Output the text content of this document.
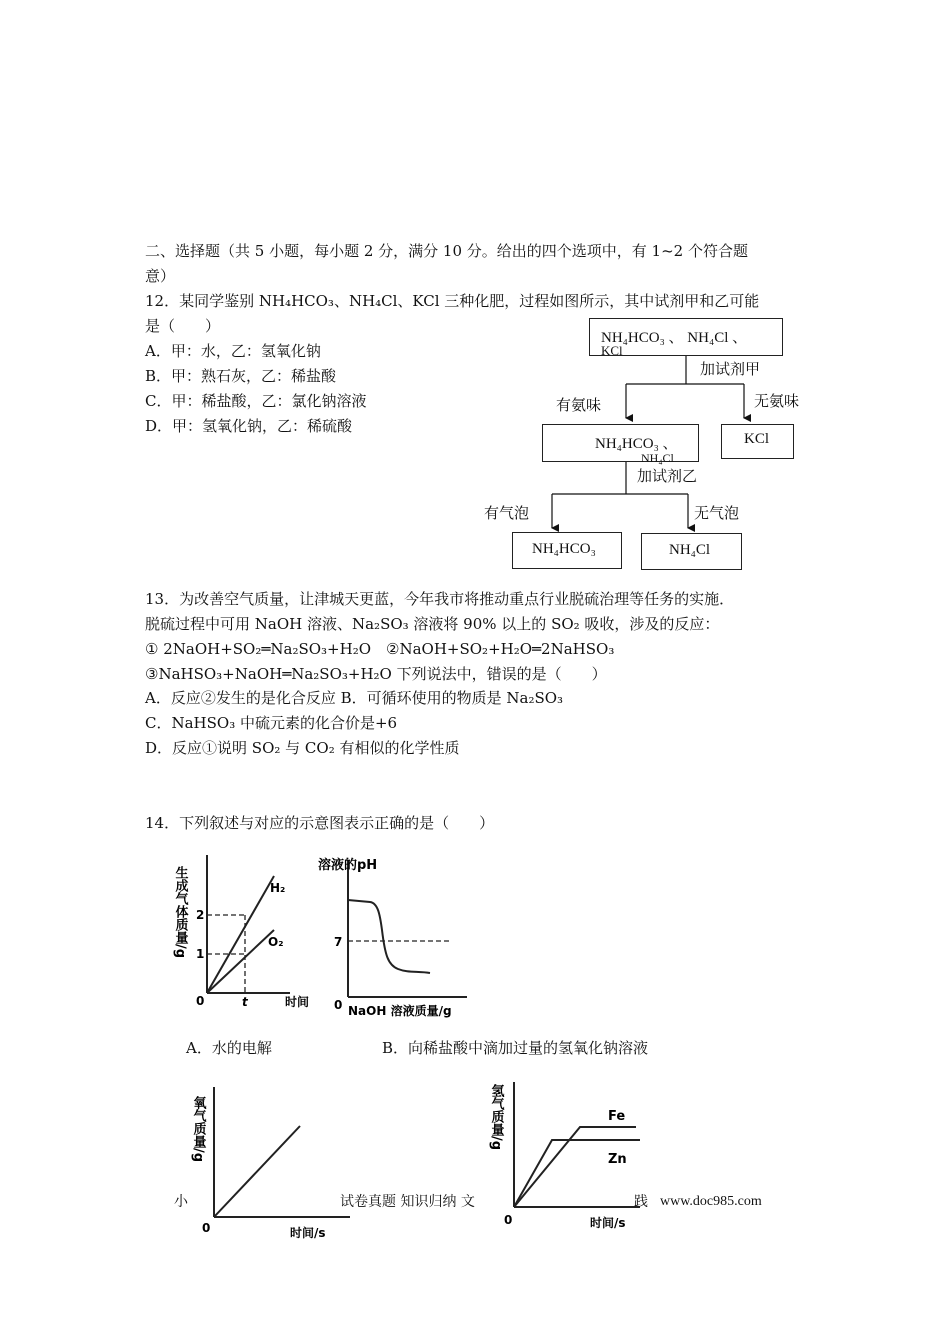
二、选择题（共 5 小题，每小题 2 分，满分 10 分。给出的四个选项中，有 1~2 个符合题
意）
12．某同学鉴别 NH₄HCO₃、NH₄Cl、KCl 三种化肥，过程如图所示，其中试剂甲和乙可能
是（　　）
A．甲：水，乙：氢氧化钠
B．甲：熟石灰，乙：稀盐酸
C．甲：稀盐酸，乙：氯化钠溶液
D．甲：氢氧化钠，乙：稀硫酸
NH₄HCO₃ 、 NH₄Cl 、
KCl
加试剂甲
有氨味	无氨味
NH₄HCO₃ 、
NH₄Cl
KCl
加试剂乙
有气泡	无气泡
NH₄HCO₃	NH₄Cl
13．为改善空气质量，让津城天更蓝，今年我市将推动重点行业脱硫治理等任务的实施．
脱硫过程中可用 NaOH 溶液、Na₂SO₃ 溶液将 90% 以上的 SO₂ 吸收，涉及的反应：
① 2NaOH+SO₂═Na₂SO₃+H₂O　②NaOH+SO₂+H₂O═2NaHSO₃
③NaHSO₃+NaOH═Na₂SO₃+H₂O 下列说法中，错误的是（　　）
A．反应②发生的是化合反应 B．可循环使用的物质是 Na₂SO₃
C．NaHSO₃ 中硫元素的化合价是+6
D．反应①说明 SO₂ 与 CO₂ 有相似的化学性质
14．下列叙述与对应的示意图表示正确的是（　　）
生成气体质量/g 2
1
0	t	时间
H₂
O₂
溶液的pH
7
0 NaOH 溶液质量/g
A．水的电解	B．向稀盐酸中滴加过量的氢氧化钠溶液
氧气质量/g
0	时间/s
氢气质量/g	Fe
Zn
0	时间/s
小	试卷真题 知识归纳 文	践 www.doc985.com
